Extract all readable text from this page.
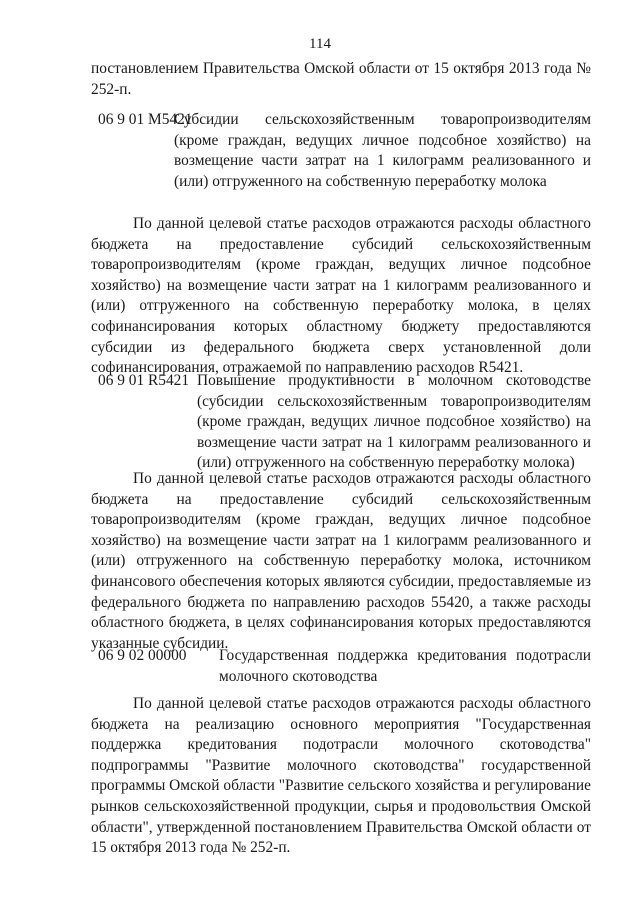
114

постановлением Правительства Омской области от 15 октября 2013 года № 252-п.

06 9 01 M5421
Субсидии сельскохозяйственным товаропроизводителям (кроме граждан, ведущих личное подсобное хозяйство) на возмещение части затрат на 1 килограмм реализованного и (или) отгруженного на собственную переработку молока

По данной целевой статье расходов отражаются расходы областного бюджета на предоставление субсидий сельскохозяйственным товаропроизводителям (кроме граждан, ведущих личное подсобное хозяйство) на возмещение части затрат на 1 килограмм реализованного и (или) отгруженного на собственную переработку молока, в целях софинансирования которых областному бюджету предоставляются субсидии из федерального бюджета сверх установленной доли софинансирования, отражаемой по направлению расходов R5421.

06 9 01 R5421 Повышение продуктивности в молочном скотоводстве (субсидии сельскохозяйственным товаропроизводителям (кроме граждан, ведущих личное подсобное хозяйство) на возмещение части затрат на 1 килограмм реализованного и (или) отгруженного на собственную переработку молока)

По данной целевой статье расходов отражаются расходы областного бюджета на предоставление субсидий сельскохозяйственным товаропроизводителям (кроме граждан, ведущих личное подсобное хозяйство) на возмещение части затрат на 1 килограмм реализованного и (или) отгруженного на собственную переработку молока, источником финансового обеспечения которых являются субсидии, предоставляемые из федерального бюджета по направлению расходов 55420, а также расходы областного бюджета, в целях софинансирования которых предоставляются указанные субсидии.

06 9 02 00000 Государственная поддержка кредитования подотрасли молочного скотоводства

По данной целевой статье расходов отражаются расходы областного бюджета на реализацию основного мероприятия "Государственная поддержка кредитования подотрасли молочного скотоводства" подпрограммы "Развитие молочного скотоводства" государственной программы Омской области "Развитие сельского хозяйства и регулирование рынков сельскохозяйственной продукции, сырья и продовольствия Омской области", утвержденной постановлением Правительства Омской области от 15 октября 2013 года № 252-п.
